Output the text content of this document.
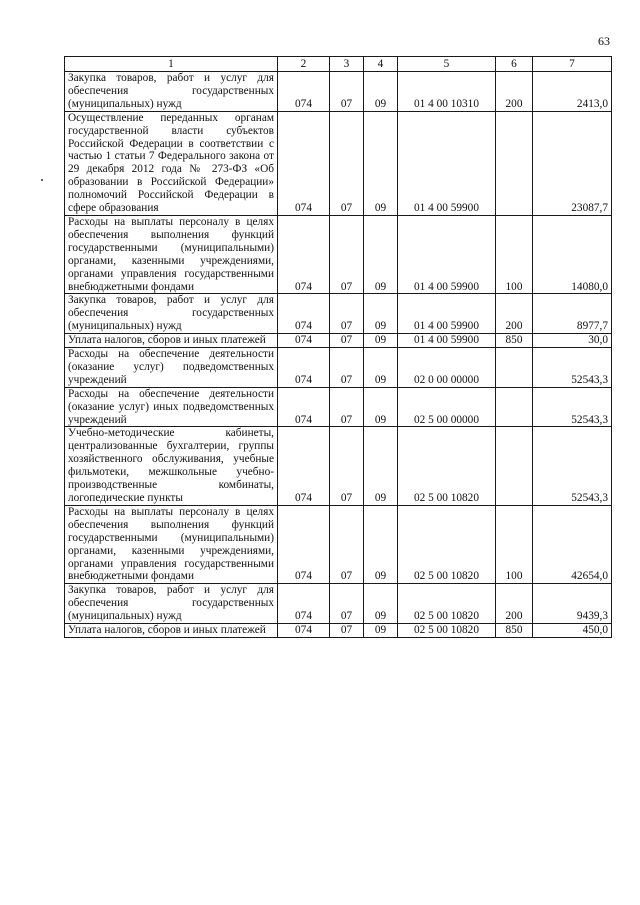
63
1	2	3	4	5	6	7
Закупка товаров, работ и услуг для обеспечения государственных (муниципальных) нужд	074	07	09	01 4 00 10310	200	2413,0
Осуществление переданных органам государственной власти субъектов Российской Федерации в соответствии с частью 1 статьи 7 Федерального закона от 29 декабря 2012 года № 273-ФЗ «Об образовании в Российской Федерации» полномочий Российской Федерации в сфере образования	074	07	09	01 4 00 59900		23087,7
Расходы на выплаты персоналу в целях обеспечения выполнения функций государственными (муниципальными) органами, казенными учреждениями, органами управления государственными внебюджетными фондами	074	07	09	01 4 00 59900	100	14080,0
Закупка товаров, работ и услуг для обеспечения государственных (муниципальных) нужд	074	07	09	01 4 00 59900	200	8977,7
Уплата налогов, сборов и иных платежей	074	07	09	01 4 00 59900	850	30,0
Расходы на обеспечение деятельности (оказание услуг) подведомственных учреждений	074	07	09	02 0 00 00000		52543,3
Расходы на обеспечение деятельности (оказание услуг) иных подведомственных учреждений	074	07	09	02 5 00 00000		52543,3
Учебно-методические кабинеты, централизованные бухгалтерии, группы хозяйственного обслуживания, учебные фильмотеки, межшкольные учебно-производственные комбинаты, логопедические пункты	074	07	09	02 5 00 10820		52543,3
Расходы на выплаты персоналу в целях обеспечения выполнения функций государственными (муниципальными) органами, казенными учреждениями, органами управления государственными внебюджетными фондами	074	07	09	02 5 00 10820	100	42654,0
Закупка товаров, работ и услуг для обеспечения государственных (муниципальных) нужд	074	07	09	02 5 00 10820	200	9439,3
Уплата налогов, сборов и иных платежей	074	07	09	02 5 00 10820	850	450,0
